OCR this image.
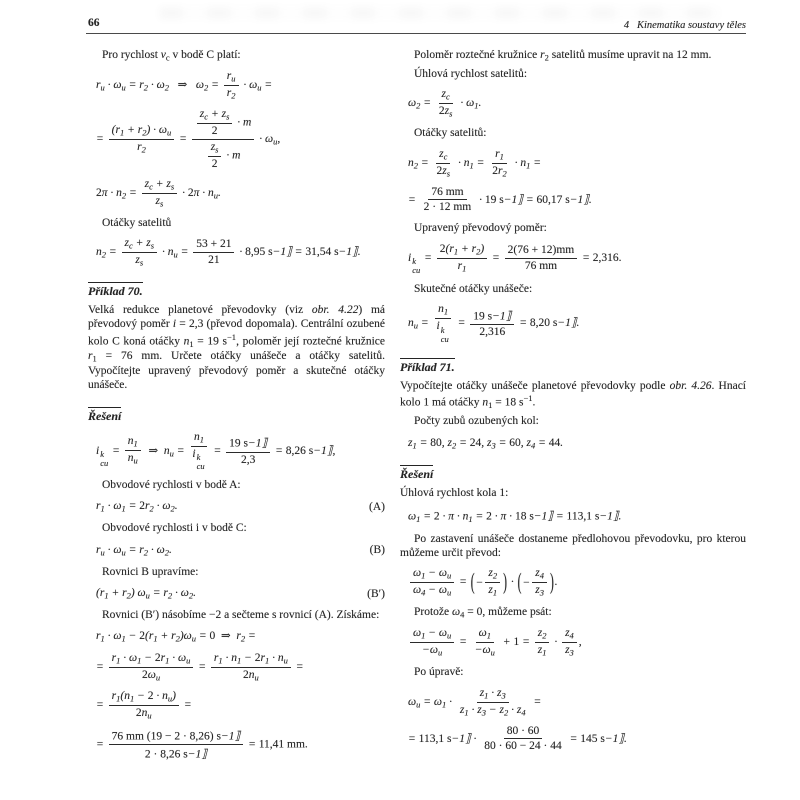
66	4   Kinematika soustavy těles
Pro rychlost $v_c$ v bodě C platí:
$r_u \cdot \omega_u = r_2 \cdot \omega_2$   ⇒   $\omega_2 = \frac{r_u}{r_2} \cdot \omega_u$ =
= $\frac{(r_1 + r_2) \cdot \omega_u}{r_2} = \frac{\frac{z_c + z_s}{2} \cdot m}{\frac{z_s}{2} \cdot m} \cdot \omega_u$,
$2\pi \cdot n_2 = \frac{z_c + z_s}{z_s} \cdot 2\pi \cdot n_u$.
Otáčky satelitů
$n_2 = \frac{z_c + z_s}{z_s} \cdot n_u = \frac{53 + 21}{21} \cdot 8,95$ s−1⟧ = 31,54 s−1⟧.
Příklad 70.
Velká redukce planetové převodovky (viz obr. 4.22) má převodový poměr i = 2,3 (převod dopomala). Centrální ozubené kolo C koná otáčky $n_1 = 19$ $s^{-1}$, poloměr její roztečné kružnice $r_1 = 76$ mm. Určete otáčky unášeče a otáčky satelitů. Vypočítejte upravený převodový poměr a skutečné otáčky unášeče.
Řešení
i k
cu
= $\frac{n_1}{n_u}$ ⇒  $n_u = n_1$
i k
cu = $\frac{19 s-1⟧}{2,3} = 8,26$ s−1⟧,
Obvodové rychlosti v bodě A:
$r_1 \cdot \omega_1 = 2r_2 \cdot \omega_2$.	(A)
Obvodové rychlosti i v bodě C:
$r_u \cdot \omega_u = r_2 \cdot \omega_2$.	(B)
Rovnici B upravíme:
$(r_1 + r_2) \omega_u = r_2 \cdot \omega_2$.	(B′)
Rovnici (B′) násobíme −2 a sečteme s rovnicí (A). Získáme:
$r_1 \cdot \omega_1 - 2(r_1 + r_2)\omega_u = 0$  ⇒  $r_2$ =
= $\frac{r_1 \cdot \omega_1 - 2r_1 \cdot \omega_u}{2\omega_u} = \frac{r_1 \cdot n_1 - 2r_1 \cdot n_u}{2n_u}$ =
= $\frac{r_1(n_1 - 2 \cdot n_u)}{2n_u}$ =
= $\frac{76 mm (19 - 2 \cdot 8,26) s-1⟧}{2 \cdot 8,26 s-1⟧} = 11,41$ mm.
Poloměr roztečné kružnice $r_2$ satelitů musíme upravit na 12 mm.
Úhlová rychlost satelitů:
$\omega_2 = \frac{z_c}{2z_s} \cdot \omega_1$.
Otáčky satelitů:
$n_2 = \frac{z_c}{2z_s} \cdot n_1 = \frac{r_1}{2r_2} \cdot n_1$ =
= $\frac{76 mm}{2 \cdot 12 mm} \cdot 19$ s−1⟧ = 60,17 s−1⟧.
Upravený převodový poměr:
i k
cu
= $\frac{2(r_1 + r_2)}{r_1} = \frac{2(76 + 12)mm}{76 mm} = 2,316$.
Skutečné otáčky unášeče:
$n_u = n_1$
i k
cu = $\frac{19 s-1⟧}{2,316} = 8,20$ s−1⟧.
Příklad 71.
Vypočítejte otáčky unášeče planetové převodovky podle obr. 4.26. Hnací kolo 1 má otáčky $n_1 = 18$ $s^{-1}$.
Počty zubů ozubených kol:
$z_1 = 80$, $z_2 = 24$, $z_3 = 60$, $z_4 = 44$.
Řešení
Úhlová rychlost kola 1:
$\omega_1 = 2 \cdot \pi \cdot n_1 = 2 \cdot \pi \cdot 18$ s−1⟧ = 113,1 s−1⟧.
Po zastavení unášeče dostaneme předlohovou převodovku, pro kterou můžeme určit převod:
$\frac{\omega_1 - \omega_u}{\omega_4 - \omega_u}$ = ( − $\frac{z_2}{z_1}$
) · ( − $\frac{z_4}{z_3}$
) .
Protože $\omega_4 = 0$, můžeme psát:
$\frac{\omega_1 - \omega_u}{-\omega_u} = \frac{\omega_1}{-\omega_u} + 1 = \frac{z_2}{z_1} \cdot \frac{z_4}{z_3}$ ,
Po úpravě:
$\omega_u = \omega_1 \cdot \frac{z_1 \cdot z_3}{z_1 \cdot z_3 - z_2 \cdot z_4}$ =
= 113,1 s−1⟧ · $\frac{80 \cdot 60}{80 \cdot 60 - 24 \cdot 44} = 145$ s−1⟧.
